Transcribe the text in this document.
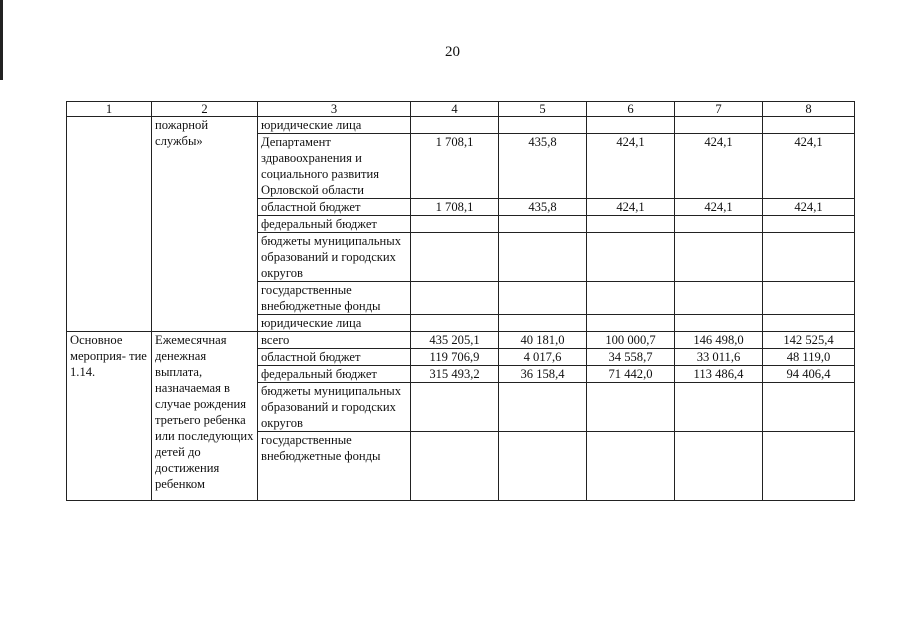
20
1	2	3	4	5	6	7	8
	пожарной службы»	юридические лица					
		Департамент здравоохранения и социального развития Орловской области	1 708,1	435,8	424,1	424,1	424,1
		областной бюджет	1 708,1	435,8	424,1	424,1	424,1
		федеральный бюджет					
		бюджеты муниципальных образований и городских округов					
		государственные внебюджетные фонды					
		юридические лица					
Основное мероприя- тие 1.14.	Ежемесячная денежная выплата, назначаемая в случае рождения третьего ребенка или последующих детей до достижения ребенком	всего	435 205,1	40 181,0	100 000,7	146 498,0	142 525,4
		областной бюджет	119 706,9	4 017,6	34 558,7	33 011,6	48 119,0
		федеральный бюджет	315 493,2	36 158,4	71 442,0	113 486,4	94 406,4
		бюджеты муниципальных образований и городских округов					
		государственные внебюджетные фонды					
